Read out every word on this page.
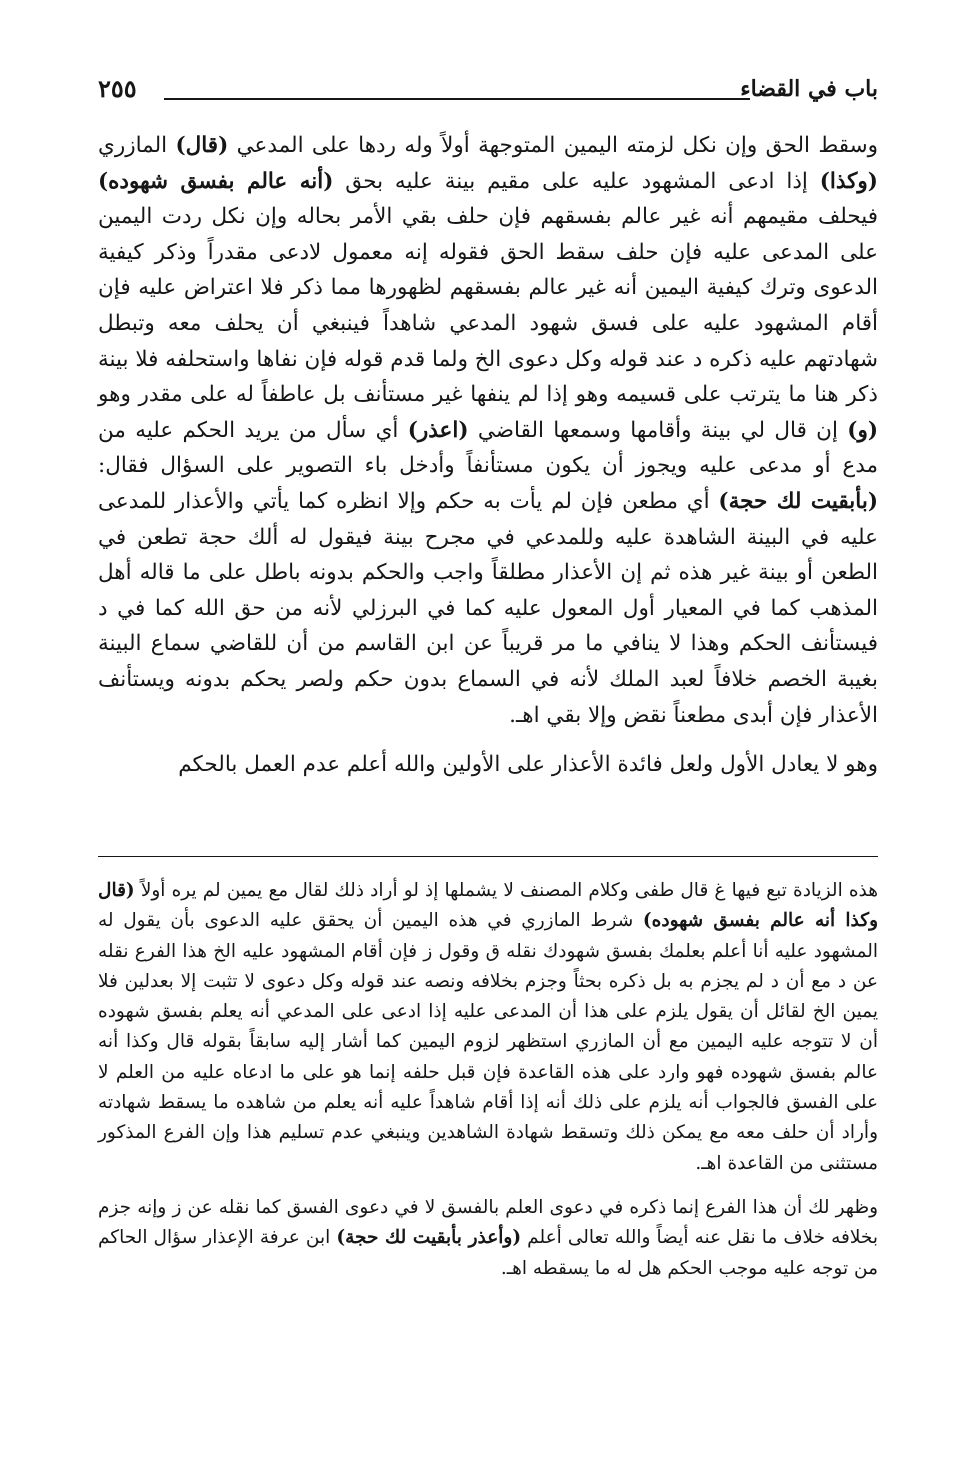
باب في القضاء
٢٥٥

وسقط الحق وإن نكل لزمته اليمين المتوجهة أولاً وله ردها على المدعي (قال) المازري (وكذا) إذا ادعى المشهود عليه على مقيم بينة عليه بحق (أنه عالم بفسق شهوده) فيحلف مقيمهم أنه غير عالم بفسقهم فإن حلف بقي الأمر بحاله وإن نكل ردت اليمين على المدعى عليه فإن حلف سقط الحق فقوله إنه معمول لادعى مقدراً وذكر كيفية الدعوى وترك كيفية اليمين أنه غير عالم بفسقهم لظهورها مما ذكر فلا اعتراض عليه فإن أقام المشهود عليه على فسق شهود المدعي شاهداً فينبغي أن يحلف معه وتبطل شهادتهم عليه ذكره د عند قوله وكل دعوى الخ ولما قدم قوله فإن نفاها واستحلفه فلا بينة ذكر هنا ما يترتب على قسيمه وهو إذا لم ينفها غير مستأنف بل عاطفاً له على مقدر وهو (و) إن قال لي بينة وأقامها وسمعها القاضي (اعذر) أي سأل من يريد الحكم عليه من مدع أو مدعى عليه ويجوز أن يكون مستأنفاً وأدخل باء التصوير على السؤال فقال: (بأبقيت لك حجة) أي مطعن فإن لم يأت به حكم وإلا انظره كما يأتي والأعذار للمدعى عليه في البينة الشاهدة عليه وللمدعي في مجرح بينة فيقول له ألك حجة تطعن في الطعن أو بينة غير هذه ثم إن الأعذار مطلقاً واجب والحكم بدونه باطل على ما قاله أهل المذهب كما في المعيار أول المعول عليه كما في البرزلي لأنه من حق الله كما في د فيستأنف الحكم وهذا لا ينافي ما مر قريباً عن ابن القاسم من أن للقاضي سماع البينة بغيبة الخصم خلافاً لعبد الملك لأنه في السماع بدون حكم ولصر يحكم بدونه ويستأنف الأعذار فإن أبدى مطعناً نقض وإلا بقي اهـ.

وهو لا يعادل الأول ولعل فائدة الأعذار على الأولين والله أعلم عدم العمل بالحكم

هذه الزيادة تبع فيها غ قال طفى وكلام المصنف لا يشملها إذ لو أراد ذلك لقال مع يمين لم يره أولاً (قال وكذا أنه عالم بفسق شهوده) شرط المازري في هذه اليمين أن يحقق عليه الدعوى بأن يقول له المشهود عليه أنا أعلم بعلمك بفسق شهودك نقله ق وقول ز فإن أقام المشهود عليه الخ هذا الفرع نقله عن د مع أن د لم يجزم به بل ذكره بحثاً وجزم بخلافه ونصه عند قوله وكل دعوى لا تثبت إلا بعدلين فلا يمين الخ لقائل أن يقول يلزم على هذا أن المدعى عليه إذا ادعى على المدعي أنه يعلم بفسق شهوده أن لا تتوجه عليه اليمين مع أن المازري استظهر لزوم اليمين كما أشار إليه سابقاً بقوله قال وكذا أنه عالم بفسق شهوده فهو وارد على هذه القاعدة فإن قبل حلفه إنما هو على ما ادعاه عليه من العلم لا على الفسق فالجواب أنه يلزم على ذلك أنه إذا أقام شاهداً عليه أنه يعلم من شاهده ما يسقط شهادته وأراد أن حلف معه مع يمكن ذلك وتسقط شهادة الشاهدين وينبغي عدم تسليم هذا وإن الفرع المذكور مستثنى من القاعدة اهـ.

وظهر لك أن هذا الفرع إنما ذكره في دعوى العلم بالفسق لا في دعوى الفسق كما نقله عن ز وإنه جزم بخلافه خلاف ما نقل عنه أيضاً والله تعالى أعلم (وأعذر بأبقيت لك حجة) ابن عرفة الإعذار سؤال الحاكم من توجه عليه موجب الحكم هل له ما يسقطه اهـ.
